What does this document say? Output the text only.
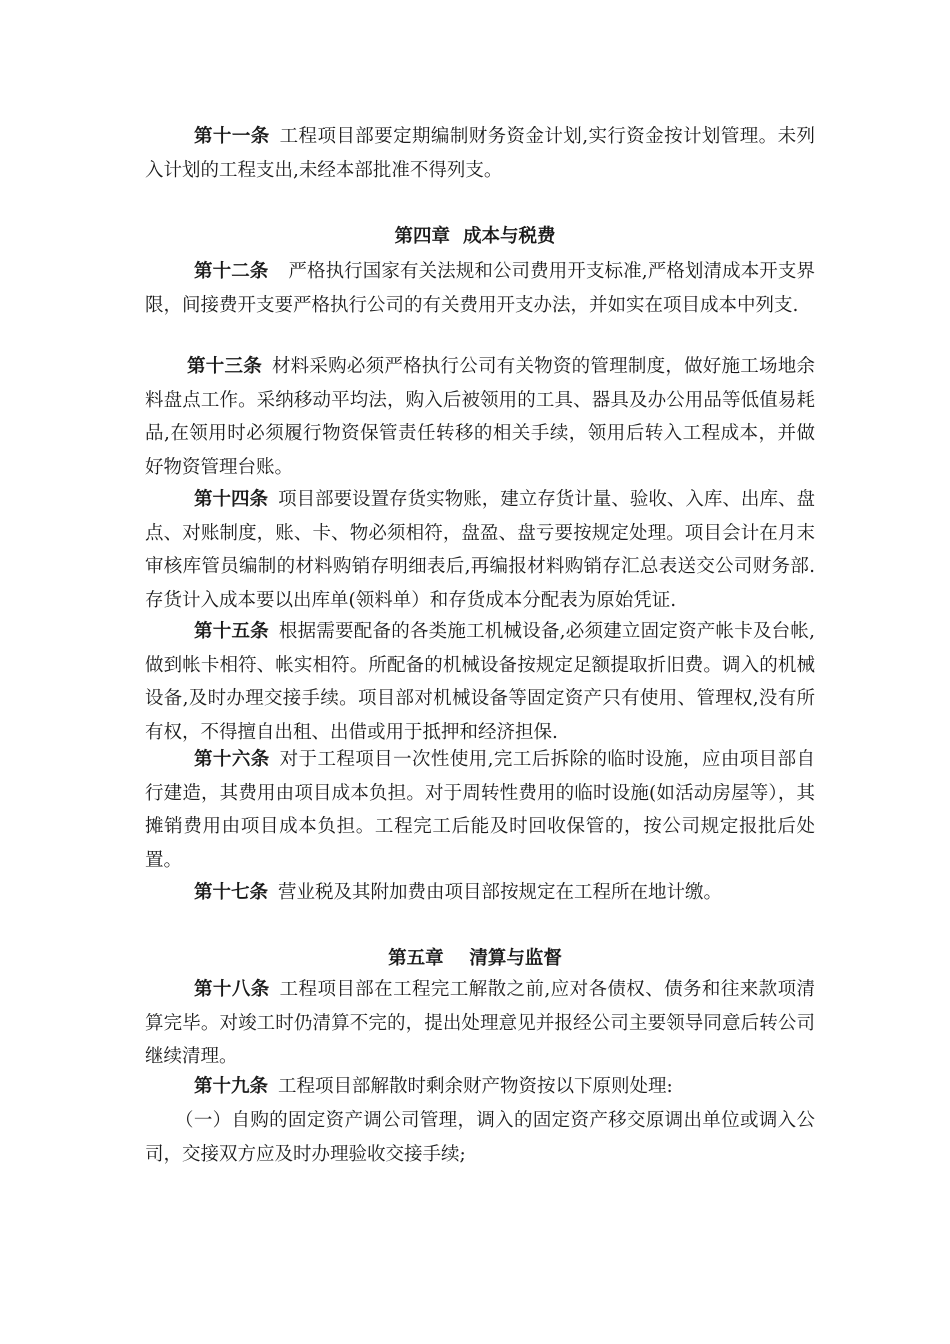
第十一条 工程项目部要定期编制财务资金计划,实行资金按计划管理。未列入计划的工程支出,未经本部批准不得列支。

第四章 成本与税费

第十二条 严格执行国家有关法规和公司费用开支标准,严格划清成本开支界限，间接费开支要严格执行公司的有关费用开支办法，并如实在项目成本中列支.

第十三条 材料采购必须严格执行公司有关物资的管理制度，做好施工场地余料盘点工作。采纳移动平均法，购入后被领用的工具、器具及办公用品等低值易耗品,在领用时必须履行物资保管责任转移的相关手续，领用后转入工程成本，并做好物资管理台账。

第十四条 项目部要设置存货实物账，建立存货计量、验收、入库、出库、盘点、对账制度，账、卡、物必须相符，盘盈、盘亏要按规定处理。项目会计在月末审核库管员编制的材料购销存明细表后,再编报材料购销存汇总表送交公司财务部.存货计入成本要以出库单(领料单）和存货成本分配表为原始凭证.

第十五条 根据需要配备的各类施工机械设备,必须建立固定资产帐卡及台帐,做到帐卡相符、帐实相符。所配备的机械设备按规定足额提取折旧费。调入的机械设备,及时办理交接手续。项目部对机械设备等固定资产只有使用、管理权,没有所有权，不得擅自出租、出借或用于抵押和经济担保.

第十六条 对于工程项目一次性使用,完工后拆除的临时设施，应由项目部自行建造，其费用由项目成本负担。对于周转性费用的临时设施(如活动房屋等），其摊销费用由项目成本负担。工程完工后能及时回收保管的，按公司规定报批后处置。

第十七条 营业税及其附加费由项目部按规定在工程所在地计缴。

第五章 清算与监督

第十八条 工程项目部在工程完工解散之前,应对各债权、债务和往来款项清算完毕。对竣工时仍清算不完的，提出处理意见并报经公司主要领导同意后转公司继续清理。

第十九条 工程项目部解散时剩余财产物资按以下原则处理:

（一）自购的固定资产调公司管理，调入的固定资产移交原调出单位或调入公司，交接双方应及时办理验收交接手续;
